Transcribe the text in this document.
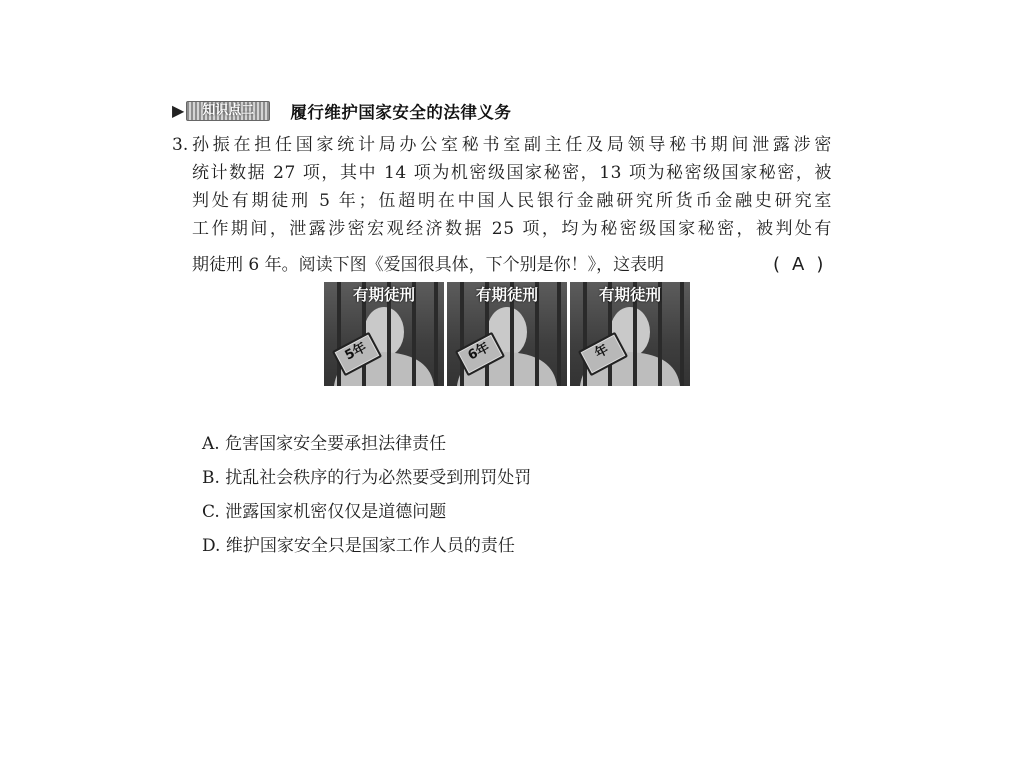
▶	知识点二	履行维护国家安全的法律义务
3. 孙振在担任国家统计局办公室秘书室副主任及局领导秘书期间泄露涉密
统计数据 27 项，其中 14 项为机密级国家秘密，13 项为秘密级国家秘密，被
判处有期徒刑 5 年；伍超明在中国人民银行金融研究所货币金融史研究室
工作期间，泄露涉密宏观经济数据 25 项，均为秘密级国家秘密，被判处有
期徒刑 6 年。阅读下图《爱国很具体，下个别是你！》，这表明	(A)
有期徒刑
5年
有期徒刑
6年
有期徒刑
年
A. 危害国家安全要承担法律责任
B. 扰乱社会秩序的行为必然要受到刑罚处罚
C. 泄露国家机密仅仅是道德问题
D. 维护国家安全只是国家工作人员的责任
